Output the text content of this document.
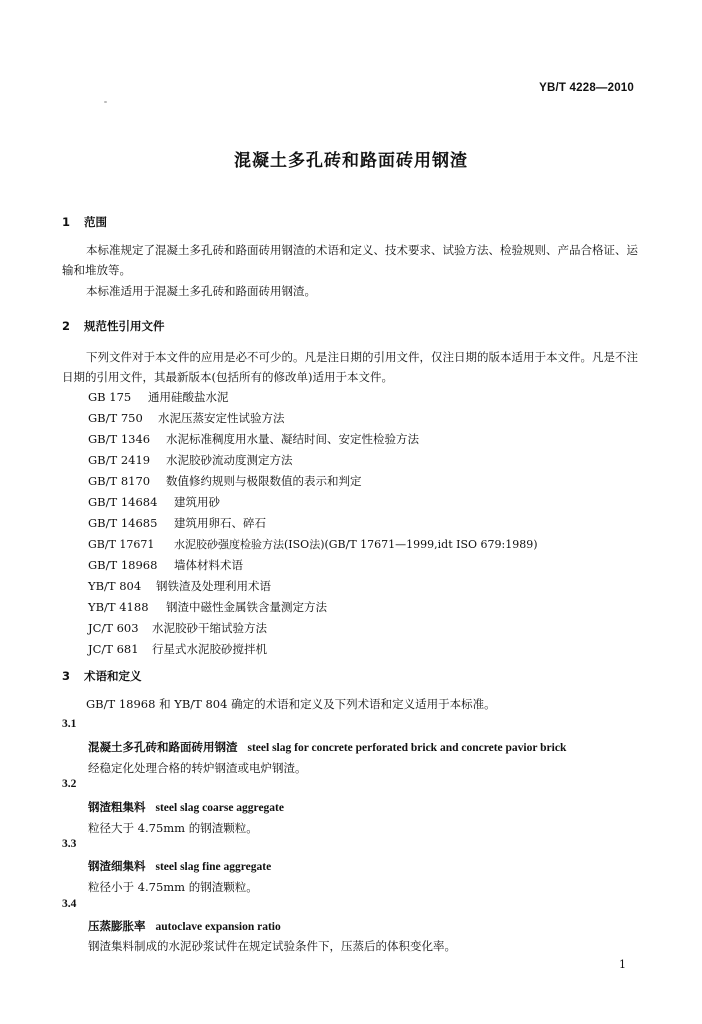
YB/T 4228—2010
混凝土多孔砖和路面砖用钢渣
1 范围
本标准规定了混凝土多孔砖和路面砖用钢渣的术语和定义、技术要求、试验方法、检验规则、产品合格证、运输和堆放等。
本标准适用于混凝土多孔砖和路面砖用钢渣。
2 规范性引用文件
下列文件对于本文件的应用是必不可少的。凡是注日期的引用文件，仅注日期的版本适用于本文件。凡是不注日期的引用文件，其最新版本(包括所有的修改单)适用于本文件。
GB 175 通用硅酸盐水泥
GB/T 750 水泥压蒸安定性试验方法
GB/T 1346 水泥标准稠度用水量、凝结时间、安定性检验方法
GB/T 2419 水泥胶砂流动度测定方法
GB/T 8170 数值修约规则与极限数值的表示和判定
GB/T 14684 建筑用砂
GB/T 14685 建筑用卵石、碎石
GB/T 17671 水泥胶砂强度检验方法(ISO法)(GB/T 17671—1999,idt ISO 679:1989)
GB/T 18968 墙体材料术语
YB/T 804 钢铁渣及处理利用术语
YB/T 4188 钢渣中磁性金属铁含量测定方法
JC/T 603 水泥胶砂干缩试验方法
JC/T 681 行星式水泥胶砂搅拌机
3 术语和定义
GB/T 18968 和 YB/T 804 确定的术语和定义及下列术语和定义适用于本标准。
3.1
混凝土多孔砖和路面砖用钢渣 steel slag for concrete perforated brick and concrete pavior brick
经稳定化处理合格的转炉钢渣或电炉钢渣。
3.2
钢渣粗集料 steel slag coarse aggregate
粒径大于 4.75mm 的钢渣颗粒。
3.3
钢渣细集料 steel slag fine aggregate
粒径小于 4.75mm 的钢渣颗粒。
3.4
压蒸膨胀率 autoclave expansion ratio
钢渣集料制成的水泥砂浆试件在规定试验条件下，压蒸后的体积变化率。
1
